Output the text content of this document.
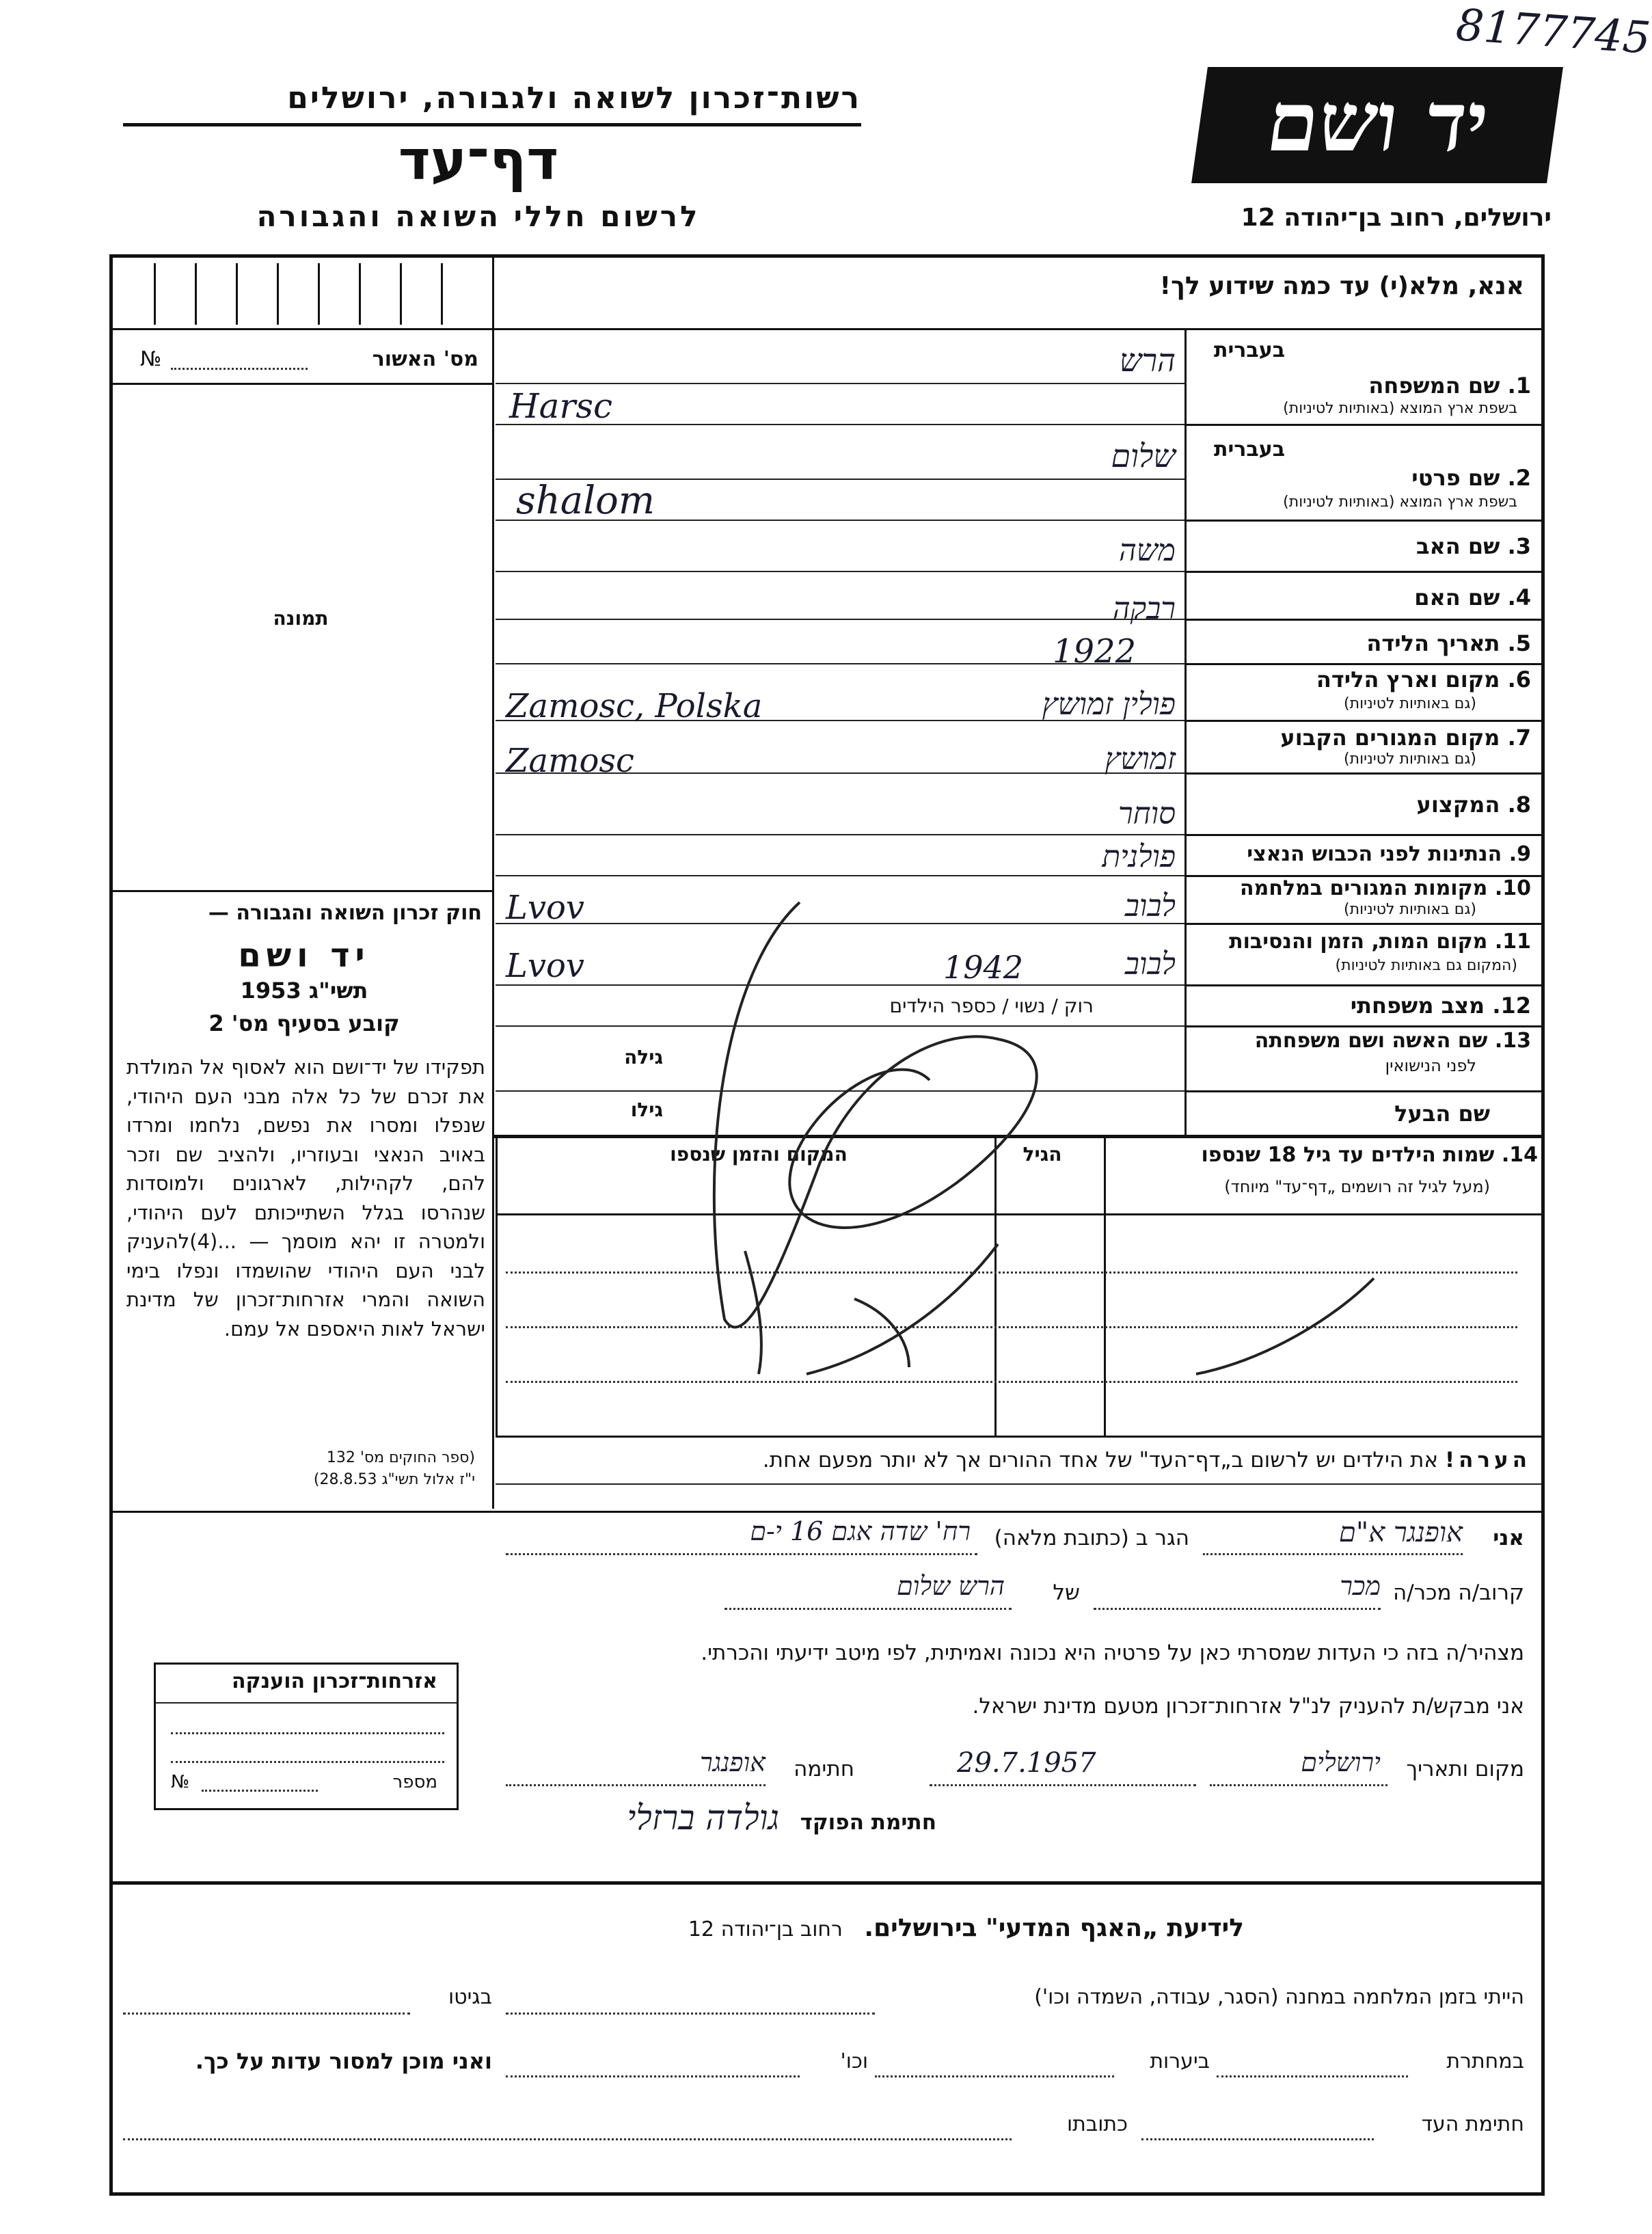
8177745
יד ושם
רשות־זכרון לשואה ולגבורה, ירושלים
דף־עד
לרשום חללי השואה והגבורה	ירושלים, רחוב בן־יהודה 12
אנא, מלא(י) עד כמה שידוע לך!
מס' האשור
№
תמונה
חוק זכרון השואה והגבורה —
יד ושם
תשי"ג 1953
קובע בסעיף מס' 2
תפקידו של יד־ושם הוא לאסוף אל המולדת את זכרם של כל אלה מבני העם היהודי, שנפלו ומסרו את נפשם, נלחמו ומרדו באויב הנאצי ובעוזריו, ולהציב שם וזכר להם, לקהילות, לארגונים ולמוסדות שנהרסו בגלל השתייכותם לעם היהודי, ולמטרה זו יהא מוסמך — ...(4)להעניק לבני העם היהודי שהושמדו ונפלו בימי השואה והמרי אזרחות־זכרון של מדינת ישראל לאות היאספם אל עמם.
(ספר החוקים מס' 132
י"ז אלול תשי"ג 28.8.53)
בעברית
1. שם המשפחה
בשפת ארץ המוצא (באותיות לטיניות)
הרש
Harsc
בעברית
2. שם פרטי
בשפת ארץ המוצא (באותיות לטיניות)
שלום
shalom
3. שם האב
משה
4. שם האם
רבקה
5. תאריך הלידה
1922
6. מקום וארץ הלידה
(גם באותיות לטיניות)
פולין זמושץ
Zamosc, Polska
7. מקום המגורים הקבוע
(גם באותיות לטיניות)
זמושץ
Zamosc
8. המקצוע
סוחר
9. הנתינות לפני הכבוש הנאצי
פולנית
10. מקומות המגורים במלחמה
(גם באותיות לטיניות)
לבוב
Lvov
11. מקום המות, הזמן והנסיבות
(המקום גם באותיות לטיניות)
לבוב
1942
Lvov
12. מצב משפחתי
רוק / נשוי / כספר הילדים
13. שם האשה ושם משפחתה
לפני הנישואין
גילה
שם הבעל
גילו
14. שמות הילדים עד גיל 18 שנספו
(מעל לגיל זה רושמים „דף־עד" מיוחד)
הגיל
המקום והזמן שנספו
הערה! את הילדים יש לרשום ב„דף־העד" של אחד ההורים אך לא יותר מפעם אחת.
אני
אופנגר א"ם
הגר ב (כתובת מלאה)
רח' שדה אגם 16 י-ם
קרוב/ה מכר/ה
מכר
של
הרש שלום
מצהיר/ה בזה כי העדות שמסרתי כאן על פרטיה היא נכונה ואמיתית, לפי מיטב ידיעתי והכרתי.
אני מבקש/ת להעניק לנ"ל אזרחות־זכרון מטעם מדינת ישראל.
מקום ותאריך
ירושלים
29.7.1957
חתימה
אופנגר
חתימת הפוקד
גולדה ברזלי
אזרחות־זכרון הוענקה
מספר
№
לידיעת „האגף המדעי" בירושלים. רחוב בן־יהודה 12
הייתי בזמן המלחמה במחנה (הסגר, עבודה, השמדה וכו')
בגיטו
במחתרת
ביערות
וכו'
ואני מוכן למסור עדות על כך.
חתימת העד
כתובתו
